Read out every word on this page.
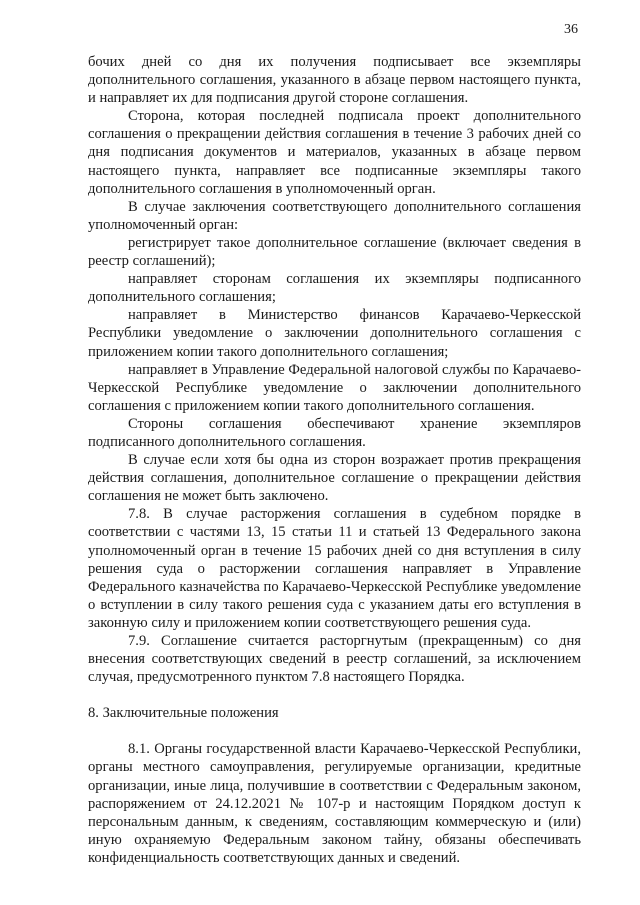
36

бочих дней со дня их получения подписывает все экземпляры дополнительного соглашения, указанного в абзаце первом настоящего пункта, и направляет их для подписания другой стороне соглашения.

Сторона, которая последней подписала проект дополнительного соглашения о прекращении действия соглашения в течение 3 рабочих дней со дня подписания документов и материалов, указанных в абзаце первом настоящего пункта, направляет все подписанные экземпляры такого дополнительного соглашения в уполномоченный орган.

В случае заключения соответствующего дополнительного соглашения уполномоченный орган:

регистрирует такое дополнительное соглашение (включает сведения в реестр соглашений);

направляет сторонам соглашения их экземпляры подписанного дополнительного соглашения;

направляет в Министерство финансов Карачаево-Черкесской Республики уведомление о заключении дополнительного соглашения с приложением копии такого дополнительного соглашения;

направляет в Управление Федеральной налоговой службы по Карачаево-Черкесской Республике уведомление о заключении дополнительного соглашения с приложением копии такого дополнительного соглашения.

Стороны соглашения обеспечивают хранение экземпляров подписанного дополнительного соглашения.

В случае если хотя бы одна из сторон возражает против прекращения действия соглашения, дополнительное соглашение о прекращении действия соглашения не может быть заключено.

7.8. В случае расторжения соглашения в судебном порядке в соответствии с частями 13, 15 статьи 11 и статьей 13 Федерального закона уполномоченный орган в течение 15 рабочих дней со дня вступления в силу решения суда о расторжении соглашения направляет в Управление Федерального казначейства по Карачаево-Черкесской Республике уведомление о вступлении в силу такого решения суда с указанием даты его вступления в законную силу и приложением копии соответствующего решения суда.

7.9. Соглашение считается расторгнутым (прекращенным) со дня внесения соответствующих сведений в реестр соглашений, за исключением случая, предусмотренного пунктом 7.8 настоящего Порядка.

8. Заключительные положения

8.1. Органы государственной власти Карачаево-Черкесской Республики, органы местного самоуправления, регулируемые организации, кредитные организации, иные лица, получившие в соответствии с Федеральным законом, распоряжением от 24.12.2021 № 107-р и настоящим Порядком доступ к персональным данным, к сведениям, составляющим коммерческую и (или) иную охраняемую Федеральным законом тайну, обязаны обеспечивать конфиденциальность соответствующих данных и сведений.
